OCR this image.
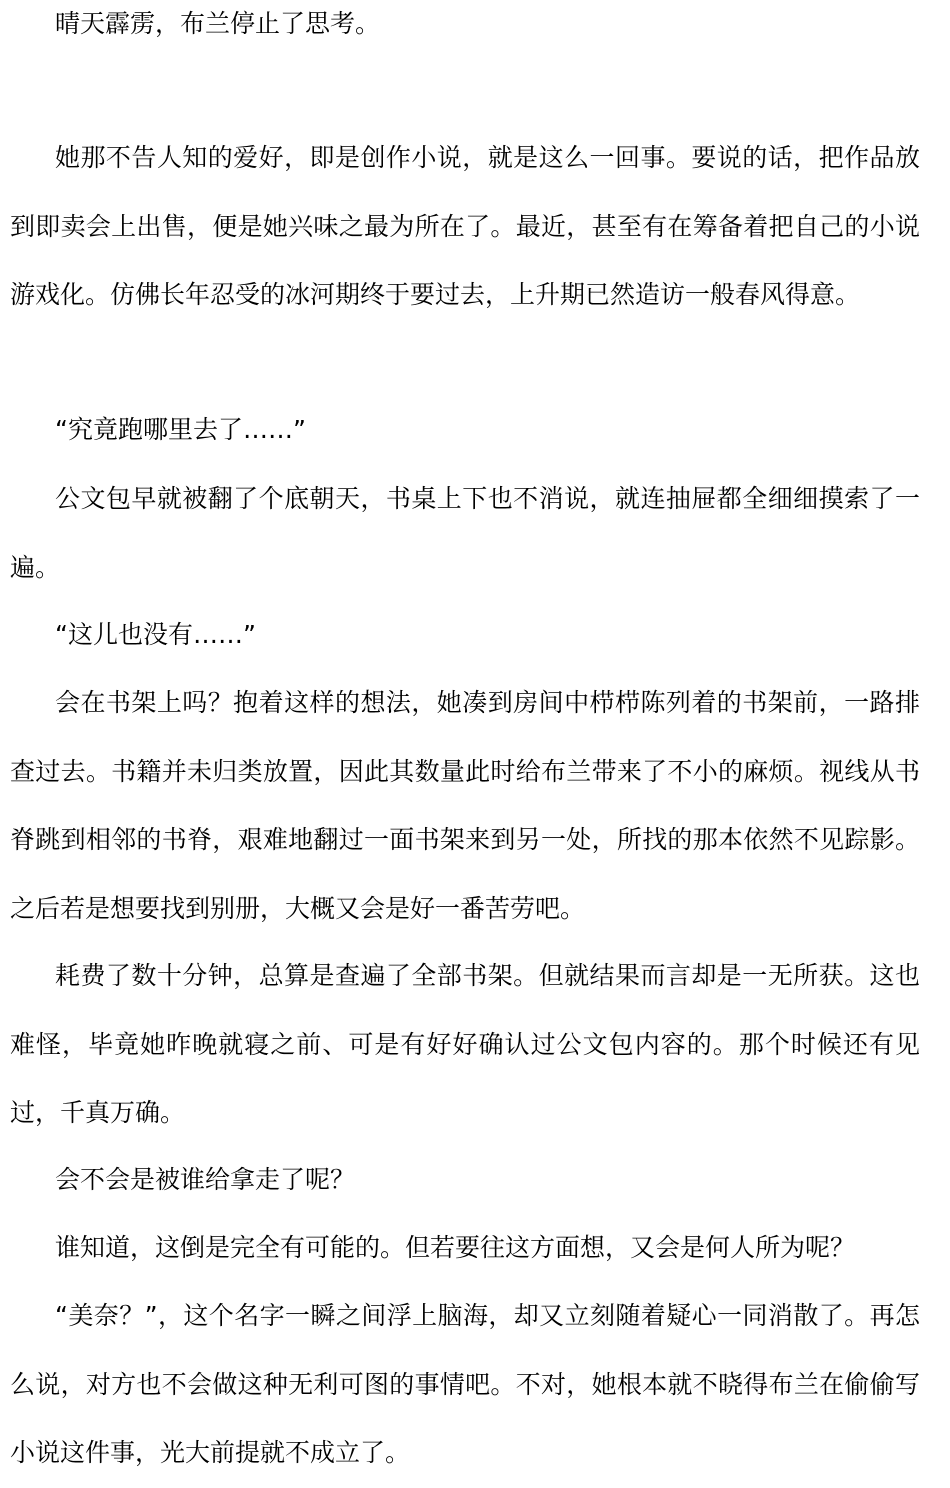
晴天霹雳，布兰停止了思考。

她那不告人知的爱好，即是创作小说，就是这么一回事。要说的话，把作品放到即卖会上出售，便是她兴味之最为所在了。最近，甚至有在筹备着把自己的小说游戏化。仿佛长年忍受的冰河期终于要过去，上升期已然造访一般春风得意。

“究竟跑哪里去了……”

公文包早就被翻了个底朝天，书桌上下也不消说，就连抽屉都全细细摸索了一遍。

“这儿也没有……”

会在书架上吗？抱着这样的想法，她凑到房间中栉栉陈列着的书架前，一路排查过去。书籍并未归类放置，因此其数量此时给布兰带来了不小的麻烦。视线从书脊跳到相邻的书脊，艰难地翻过一面书架来到另一处，所找的那本依然不见踪影。之后若是想要找到别册，大概又会是好一番苦劳吧。

耗费了数十分钟，总算是查遍了全部书架。但就结果而言却是一无所获。这也难怪，毕竟她昨晚就寝之前、可是有好好确认过公文包内容的。那个时候还有见过，千真万确。

会不会是被谁给拿走了呢？

谁知道，这倒是完全有可能的。但若要往这方面想，又会是何人所为呢？

“美奈？”，这个名字一瞬之间浮上脑海，却又立刻随着疑心一同消散了。再怎么说，对方也不会做这种无利可图的事情吧。不对，她根本就不晓得布兰在偷偷写小说这件事，光大前提就不成立了。
